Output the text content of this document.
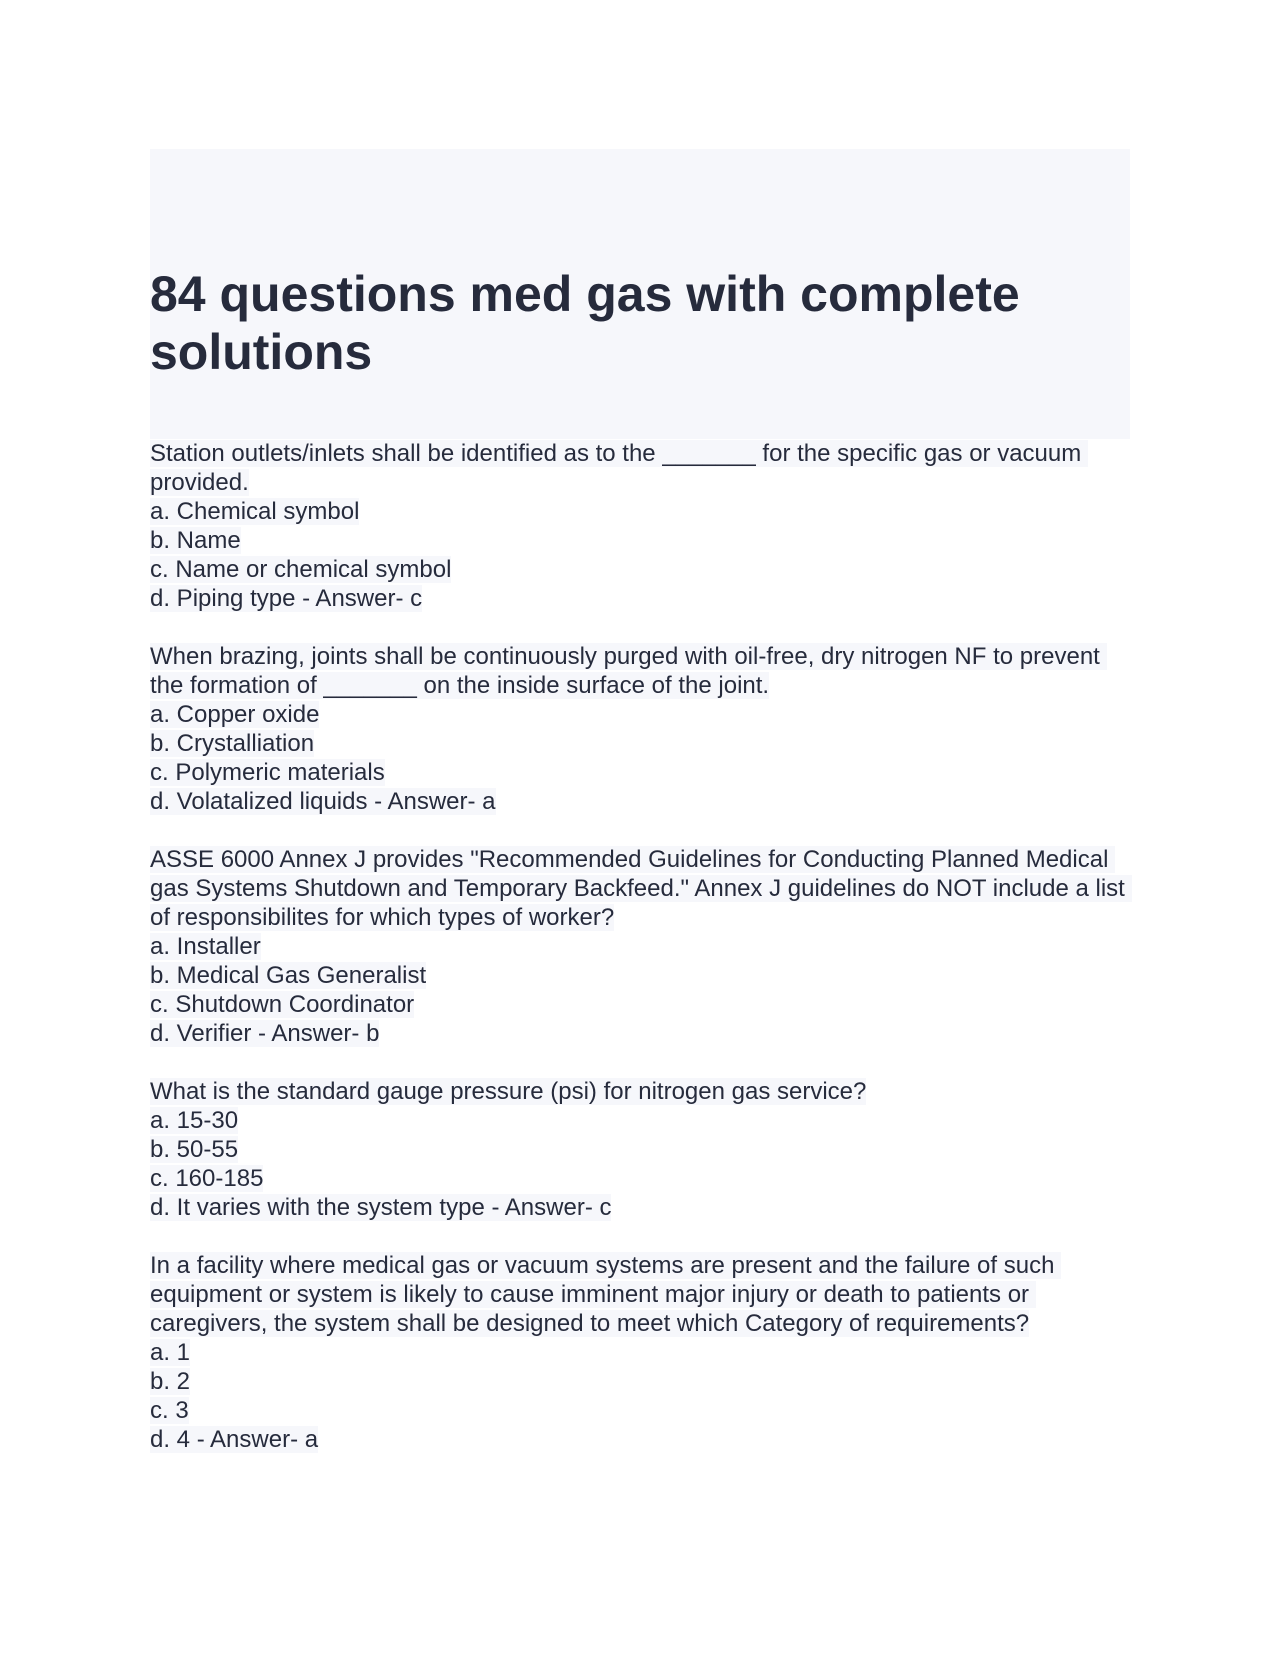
84 questions med gas with complete solutions
Station outlets/inlets shall be identified as to the _______ for the specific gas or vacuum provided.
a. Chemical symbol
b. Name
c. Name or chemical symbol
d. Piping type - Answer- c
When brazing, joints shall be continuously purged with oil-free, dry nitrogen NF to prevent the formation of _______ on the inside surface of the joint.
a. Copper oxide
b. Crystalliation
c. Polymeric materials
d. Volatalized liquids - Answer- a
ASSE 6000 Annex J provides "Recommended Guidelines for Conducting Planned Medical gas Systems Shutdown and Temporary Backfeed." Annex J guidelines do NOT include a list of responsibilites for which types of worker?
a. Installer
b. Medical Gas Generalist
c. Shutdown Coordinator
d. Verifier - Answer- b
What is the standard gauge pressure (psi) for nitrogen gas service?
a. 15-30
b. 50-55
c. 160-185
d. It varies with the system type - Answer- c
In a facility where medical gas or vacuum systems are present and the failure of such equipment or system is likely to cause imminent major injury or death to patients or caregivers, the system shall be designed to meet which Category of requirements?
a. 1
b. 2
c. 3
d. 4 - Answer- a
